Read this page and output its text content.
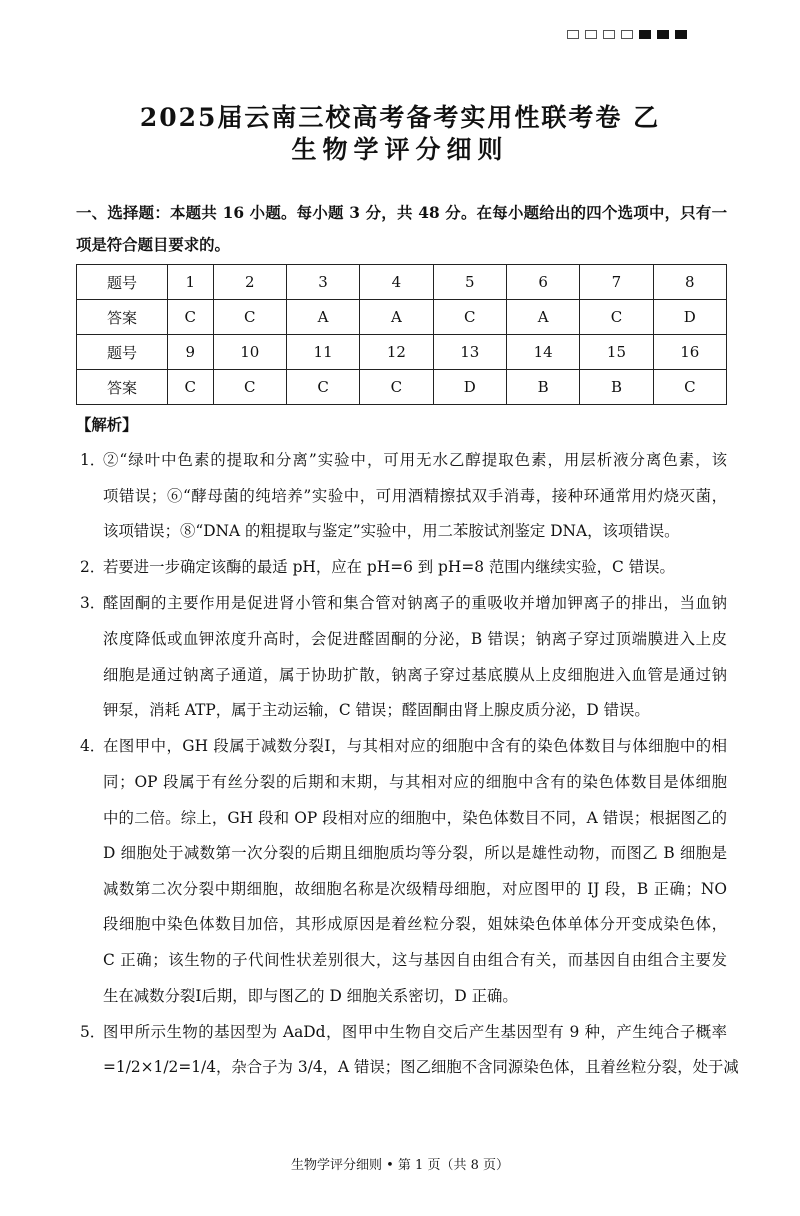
2025届云南三校高考备考实用性联考卷 乙
生物学评分细则
一、选择题：本题共 16 小题。每小题 3 分，共 48 分。在每小题给出的四个选项中，只有一
项是符合题目要求的。
题号	1	2	3	4	5	6	7	8
答案	C	C	A	A	C	A	C	D
题号	9	10	11	12	13	14	15	16
答案	C	C	C	C	D	B	B	C
【解析】
1．
②“绿叶中色素的提取和分离”实验中，可用无水乙醇提取色素，用层析液分离色素，该
项错误；⑥“酵母菌的纯培养”实验中，可用酒精擦拭双手消毒，接种环通常用灼烧灭菌，
该项错误；⑧“DNA 的粗提取与鉴定”实验中，用二苯胺试剂鉴定 DNA，该项错误。
2．
若要进一步确定该酶的最适 pH，应在 pH=6 到 pH=8 范围内继续实验，C 错误。
3．
醛固酮的主要作用是促进肾小管和集合管对钠离子的重吸收并增加钾离子的排出，当血钠
浓度降低或血钾浓度升高时，会促进醛固酮的分泌，B 错误；钠离子穿过顶端膜进入上皮
细胞是通过钠离子通道，属于协助扩散，钠离子穿过基底膜从上皮细胞进入血管是通过钠
钾泵，消耗 ATP，属于主动运输，C 错误；醛固酮由肾上腺皮质分泌，D 错误。
4．
在图甲中，GH 段属于减数分裂I，与其相对应的细胞中含有的染色体数目与体细胞中的相
同；OP 段属于有丝分裂的后期和末期，与其相对应的细胞中含有的染色体数目是体细胞
中的二倍。综上，GH 段和 OP 段相对应的细胞中，染色体数目不同，A 错误；根据图乙的
D 细胞处于减数第一次分裂的后期且细胞质均等分裂，所以是雄性动物，而图乙 B 细胞是
减数第二次分裂中期细胞，故细胞名称是次级精母细胞，对应图甲的 IJ 段，B 正确；NO
段细胞中染色体数目加倍，其形成原因是着丝粒分裂，姐妹染色体单体分开变成染色体，
C 正确；该生物的子代间性状差别很大，这与基因自由组合有关，而基因自由组合主要发
生在减数分裂I后期，即与图乙的 D 细胞关系密切，D 正确。
5．
图甲所示生物的基因型为 AaDd，图甲中生物自交后产生基因型有 9 种，产生纯合子概率
=1/2×1/2=1/4，杂合子为 3/4，A 错误；图乙细胞不含同源染色体，且着丝粒分裂，处于减
生物学评分细则 • 第 1 页（共 8 页）
